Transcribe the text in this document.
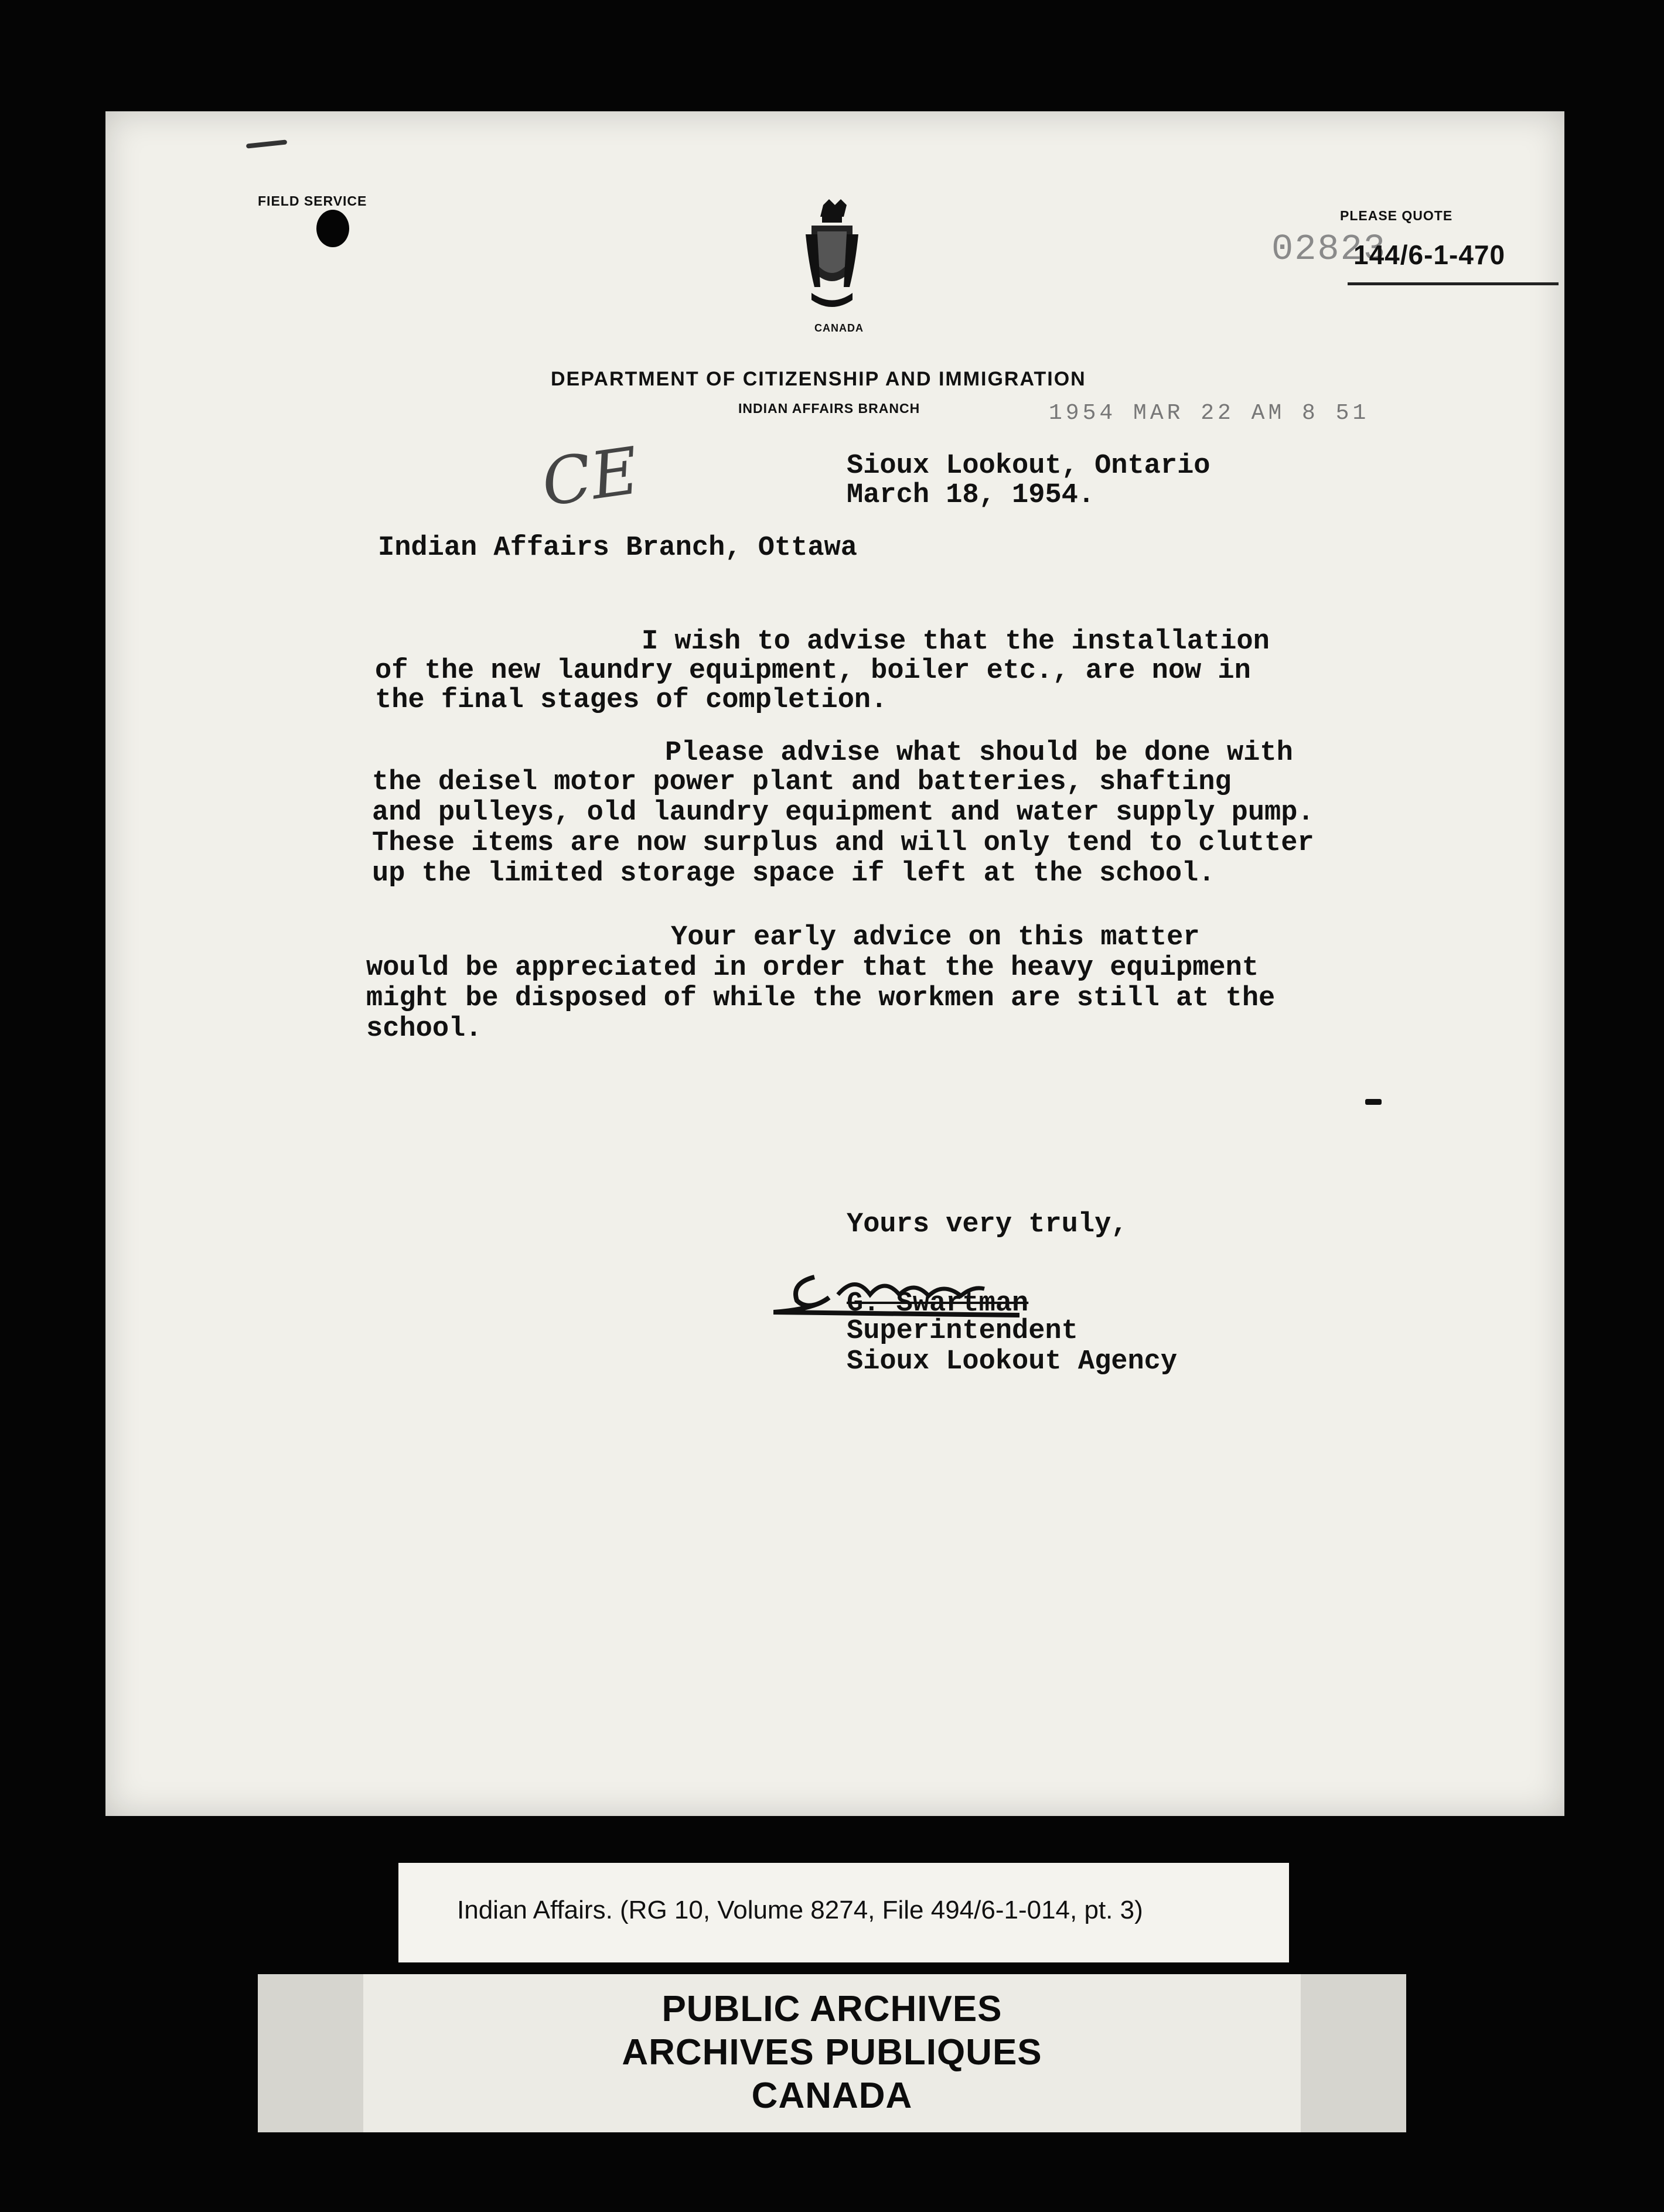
FIELD SERVICE
CANADA
PLEASE QUOTE
02823
144/6-1-470
DEPARTMENT OF CITIZENSHIP AND IMMIGRATION
INDIAN AFFAIRS BRANCH	1954 MAR 22 AM 8 51
CE	Sioux Lookout, Ontario
March 18, 1954.
Indian Affairs Branch, Ottawa
I wish to advise that the installation
of the new laundry equipment, boiler etc., are now in
the final stages of completion.
Please advise what should be done with
the deisel motor power plant and batteries, shafting
and pulleys, old laundry equipment and water supply pump.
These items are now surplus and will only tend to clutter
up the limited storage space if left at the school.
Your early advice on this matter
would be appreciated in order that the heavy equipment
might be disposed of while the workmen are still at the
school.
Yours very truly,
G. Swartman
Superintendent
Sioux Lookout Agency
Indian Affairs. (RG 10, Volume 8274, File 494/6-1-014, pt. 3)
PUBLIC ARCHIVES
ARCHIVES PUBLIQUES
CANADA
